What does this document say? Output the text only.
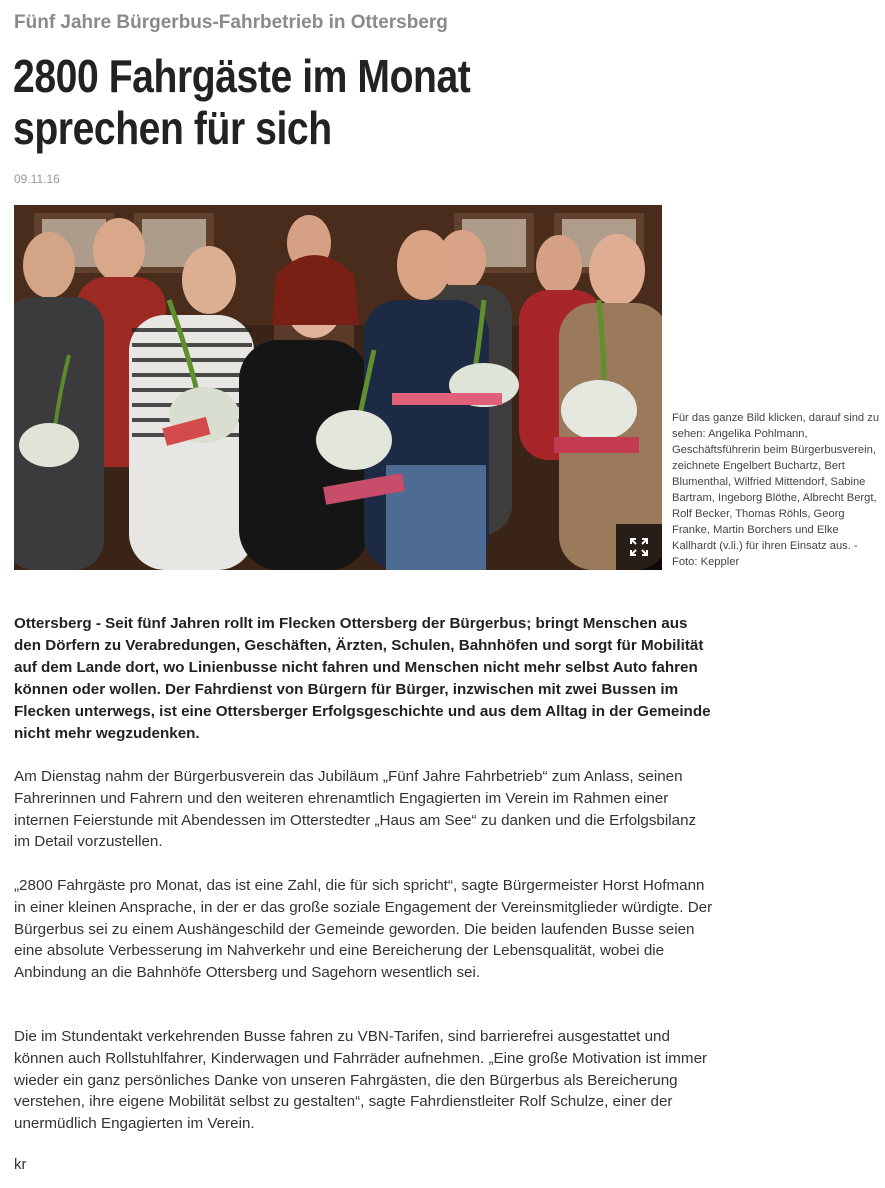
Fünf Jahre Bürgerbus-Fahrbetrieb in Ottersberg
2800 Fahrgäste im Monat sprechen für sich
09.11.16
Für das ganze Bild klicken, darauf sind zu sehen: Angelika Pohlmann, Geschäftsführerin beim Bürgerbusverein, zeichnete Engelbert Buchartz, Bert Blumenthal, Wilfried Mittendorf, Sabine Bartram, Ingeborg Blöthe, Albrecht Bergt, Rolf Becker, Thomas Röhls, Georg Franke, Martin Borchers und Elke Kallhardt (v.li.) für ihren Einsatz aus. - Foto: Keppler

Ottersberg - Seit fünf Jahren rollt im Flecken Ottersberg der Bürgerbus; bringt Menschen aus den Dörfern zu Verabredungen, Geschäften, Ärzten, Schulen, Bahnhöfen und sorgt für Mobilität auf dem Lande dort, wo Linienbusse nicht fahren und Menschen nicht mehr selbst Auto fahren können oder wollen. Der Fahrdienst von Bürgern für Bürger, inzwischen mit zwei Bussen im Flecken unterwegs, ist eine Ottersberger Erfolgsgeschichte und aus dem Alltag in der Gemeinde nicht mehr wegzudenken.

Am Dienstag nahm der Bürgerbusverein das Jubiläum „Fünf Jahre Fahrbetrieb“ zum Anlass, seinen Fahrerinnen und Fahrern und den weiteren ehrenamtlich Engagierten im Verein im Rahmen einer internen Feierstunde mit Abendessen im Otterstedter „Haus am See“ zu danken und die Erfolgsbilanz im Detail vorzustellen.

„2800 Fahrgäste pro Monat, das ist eine Zahl, die für sich spricht“, sagte Bürgermeister Horst Hofmann in einer kleinen Ansprache, in der er das große soziale Engagement der Vereinsmitglieder würdigte. Der Bürgerbus sei zu einem Aushängeschild der Gemeinde geworden. Die beiden laufenden Busse seien eine absolute Verbesserung im Nahverkehr und eine Bereicherung der Lebensqualität, wobei die Anbindung an die Bahnhöfe Ottersberg und Sagehorn wesentlich sei.

Die im Stundentakt verkehrenden Busse fahren zu VBN-Tarifen, sind barrierefrei ausgestattet und können auch Rollstuhlfahrer, Kinderwagen und Fahrräder aufnehmen. „Eine große Motivation ist immer wieder ein ganz persönliches Danke von unseren Fahrgästen, die den Bürgerbus als Bereicherung verstehen, ihre eigene Mobilität selbst zu gestalten“, sagte Fahrdienstleiter Rolf Schulze, einer der unermüdlich Engagierten im Verein.

kr
